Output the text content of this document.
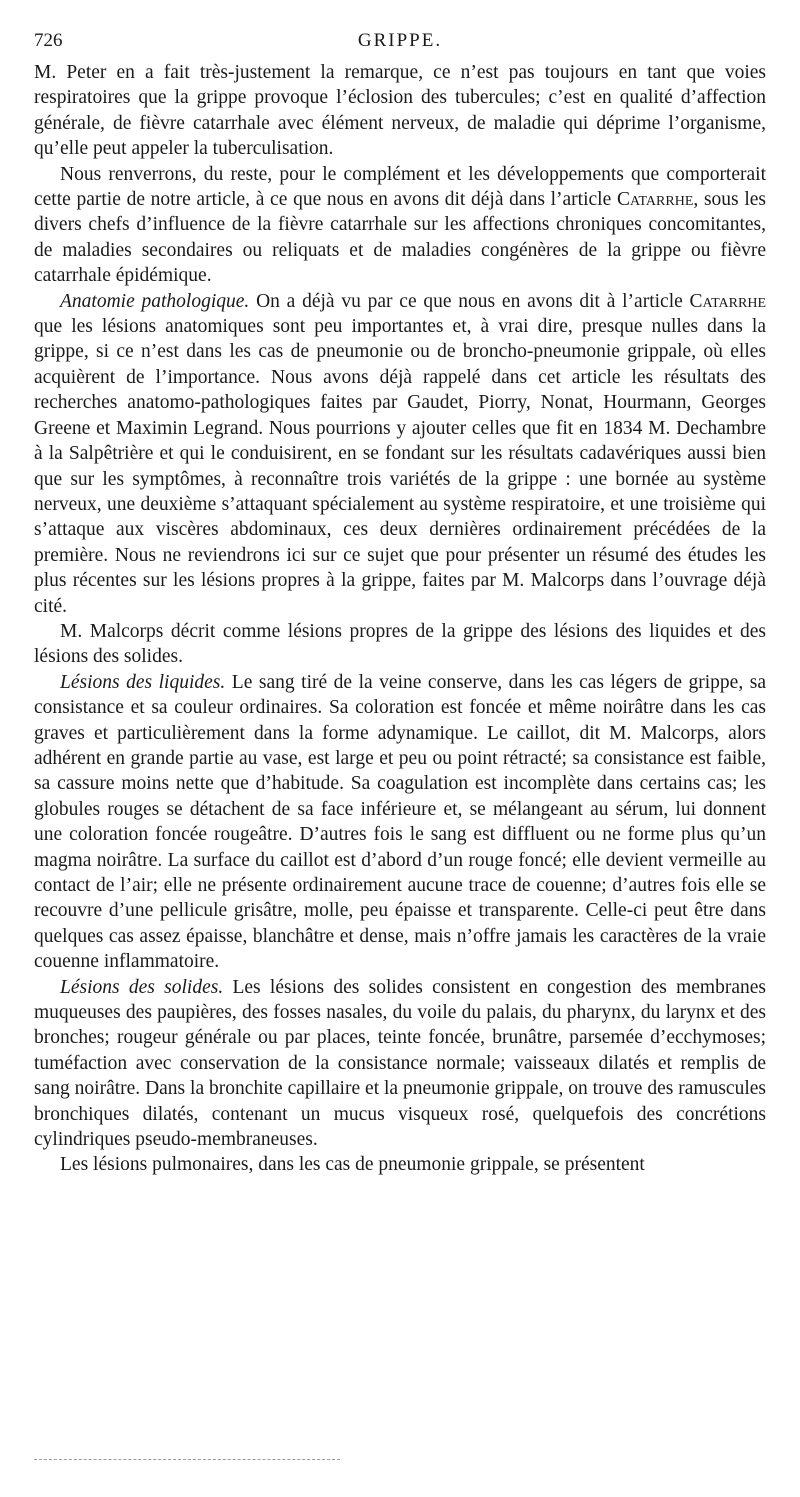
726	GRIPPE.

M. Peter en a fait très-justement la remarque, ce n’est pas toujours en tant que voies respiratoires que la grippe provoque l’éclosion des tubercules; c’est en qualité d’affection générale, de fièvre catarrhale avec élément nerveux, de maladie qui déprime l’organisme, qu’elle peut appeler la tuberculisation.

Nous renverrons, du reste, pour le complément et les développements que comporterait cette partie de notre article, à ce que nous en avons dit déjà dans l’article Catarrhe, sous les divers chefs d’influence de la fièvre catarrhale sur les affections chroniques concomitantes, de maladies secondaires ou reliquats et de maladies congénères de la grippe ou fièvre catarrhale épidémique.

Anatomie pathologique. On a déjà vu par ce que nous en avons dit à l’article Catarrhe que les lésions anatomiques sont peu importantes et, à vrai dire, presque nulles dans la grippe, si ce n’est dans les cas de pneumonie ou de broncho-pneumonie grippale, où elles acquièrent de l’importance. Nous avons déjà rappelé dans cet article les résultats des recherches anatomo-pathologiques faites par Gaudet, Piorry, Nonat, Hourmann, Georges Greene et Maximin Legrand. Nous pourrions y ajouter celles que fit en 1834 M. Dechambre à la Salpêtrière et qui le conduisirent, en se fondant sur les résultats cadavériques aussi bien que sur les symptômes, à reconnaître trois variétés de la grippe : une bornée au système nerveux, une deuxième s’attaquant spécialement au système respiratoire, et une troisième qui s’attaque aux viscères abdominaux, ces deux dernières ordinairement précédées de la première. Nous ne reviendrons ici sur ce sujet que pour présenter un résumé des études les plus récentes sur les lésions propres à la grippe, faites par M. Malcorps dans l’ouvrage déjà cité.

M. Malcorps décrit comme lésions propres de la grippe des lésions des liquides et des lésions des solides.

Lésions des liquides. Le sang tiré de la veine conserve, dans les cas légers de grippe, sa consistance et sa couleur ordinaires. Sa coloration est foncée et même noirâtre dans les cas graves et particulièrement dans la forme adynamique. Le caillot, dit M. Malcorps, alors adhérent en grande partie au vase, est large et peu ou point rétracté; sa consistance est faible, sa cassure moins nette que d’habitude. Sa coagulation est incomplète dans certains cas; les globules rouges se détachent de sa face inférieure et, se mélangeant au sérum, lui donnent une coloration foncée rougeâtre. D’autres fois le sang est diffluent ou ne forme plus qu’un magma noirâtre. La surface du caillot est d’abord d’un rouge foncé; elle devient vermeille au contact de l’air; elle ne présente ordinairement aucune trace de couenne; d’autres fois elle se recouvre d’une pellicule grisâtre, molle, peu épaisse et transparente. Celle-ci peut être dans quelques cas assez épaisse, blanchâtre et dense, mais n’offre jamais les caractères de la vraie couenne inflammatoire.

Lésions des solides. Les lésions des solides consistent en congestion des membranes muqueuses des paupières, des fosses nasales, du voile du palais, du pharynx, du larynx et des bronches; rougeur générale ou par places, teinte foncée, brunâtre, parsemée d’ecchymoses; tuméfaction avec conservation de la consistance normale; vaisseaux dilatés et remplis de sang noirâtre. Dans la bronchite capillaire et la pneumonie grippale, on trouve des ramuscules bronchiques dilatés, contenant un mucus visqueux rosé, quelquefois des concrétions cylindriques pseudo-membraneuses.

Les lésions pulmonaires, dans les cas de pneumonie grippale, se présentent
